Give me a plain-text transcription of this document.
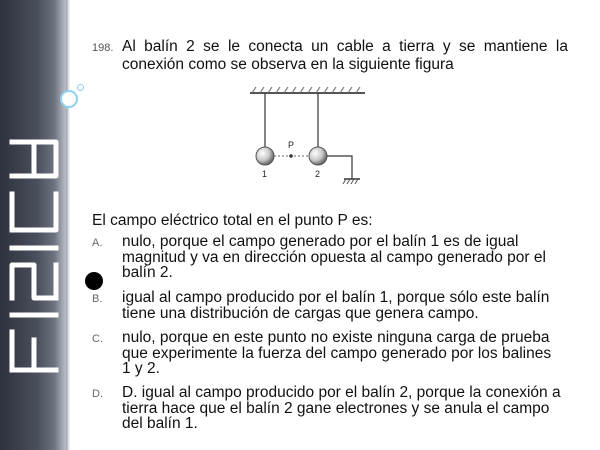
198. Al balín 2 se le conecta un cable a tierra y se mantiene la conexión como se observa en la siguiente figura
P
1	2
El campo eléctrico total en el punto P es:
A. nulo, porque el campo generado por el balín 1 es de igual magnitud y va en dirección opuesta al campo generado por el balín 2.
B. igual al campo producido por el balín 1, porque sólo este balín tiene una distribución de cargas que genera campo.
C. nulo, porque en este punto no existe ninguna carga de prueba que experimente la fuerza del campo generado por los balines 1 y 2.
D. D. igual al campo producido por el balín 2, porque la conexión a tierra hace que el balín 2 gane electrones y se anula el campo del balín 1.
